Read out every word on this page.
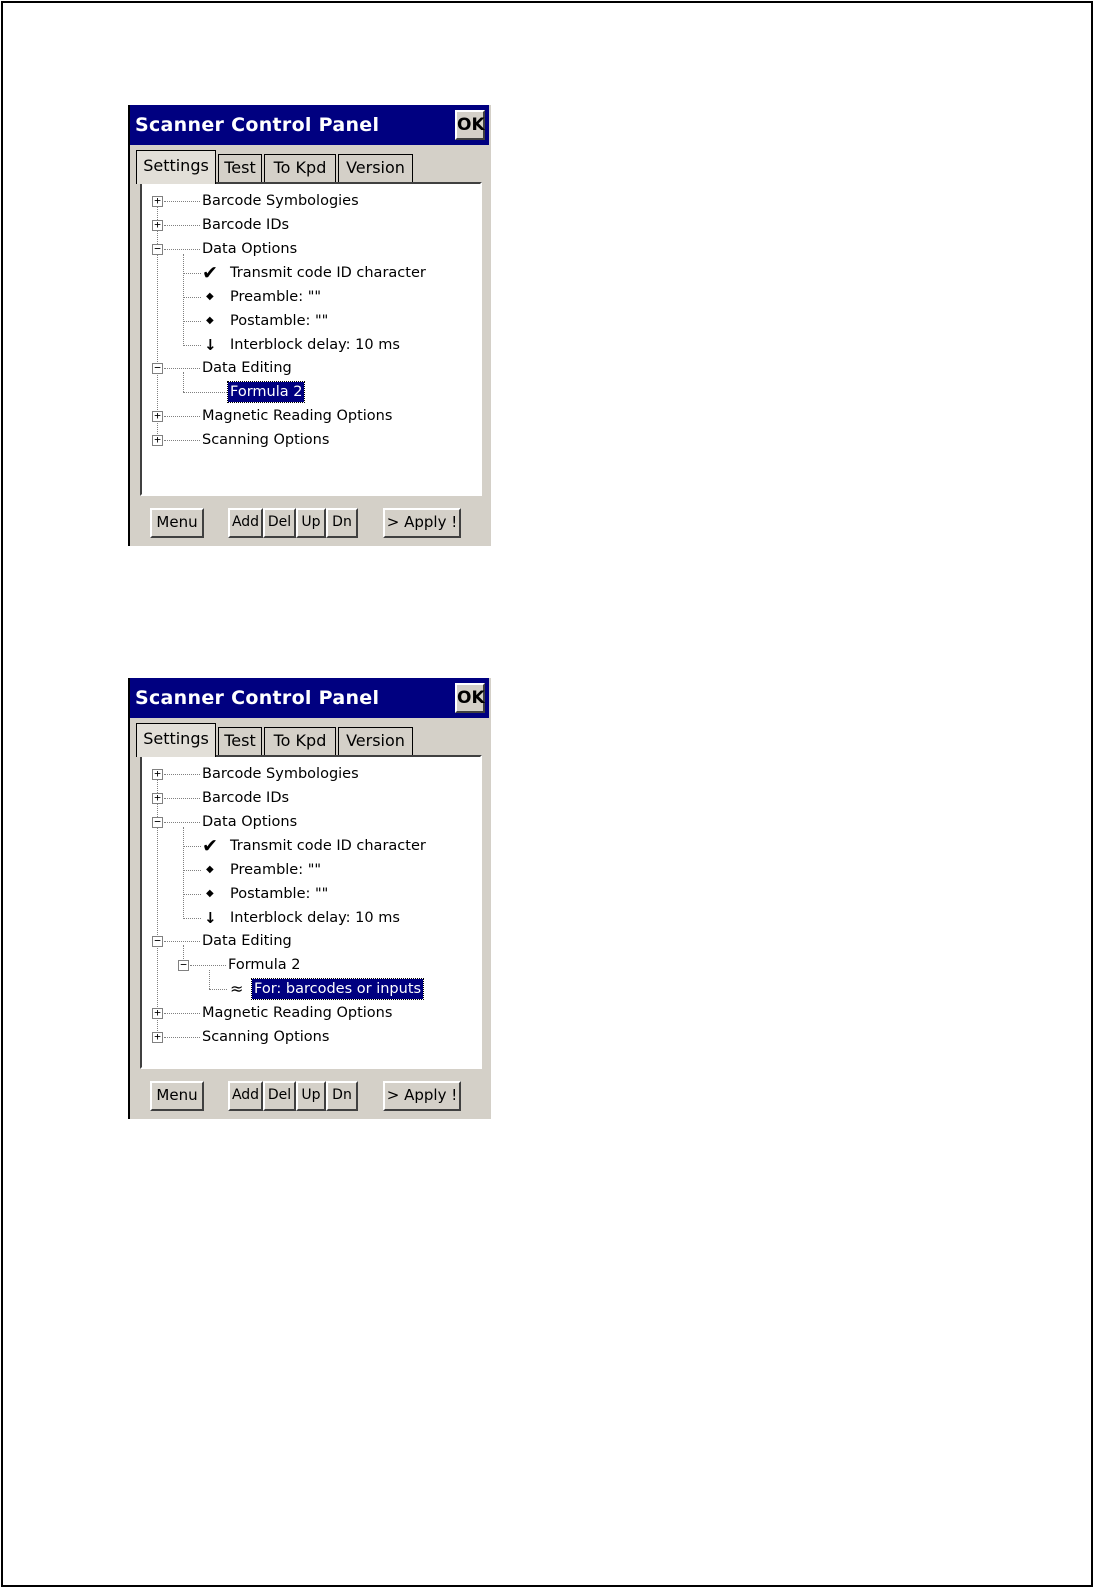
Scanner Control Panel	OK
Settings Test	To Kpd	Version
+	Barcode Symbologies
+	Barcode IDs
−	Data Options
✔ Transmit code ID character
◆ Preamble: ""
◆ Postamble: ""
↓ Interblock delay: 10 ms
−	Data Editing
Formula 2
+	Magnetic Reading Options
+	Scanning Options
Menu	Add Del Up Dn	> Apply !
Scanner Control Panel	OK
Settings Test	To Kpd	Version
+	Barcode Symbologies
+	Barcode IDs
−	Data Options
✔ Transmit code ID character
◆ Preamble: ""
◆ Postamble: ""
↓ Interblock delay: 10 ms
−	Data Editing
−	Formula 2
≈ For: barcodes or inputs
+	Magnetic Reading Options
+	Scanning Options
Menu	Add Del Up Dn	> Apply !
